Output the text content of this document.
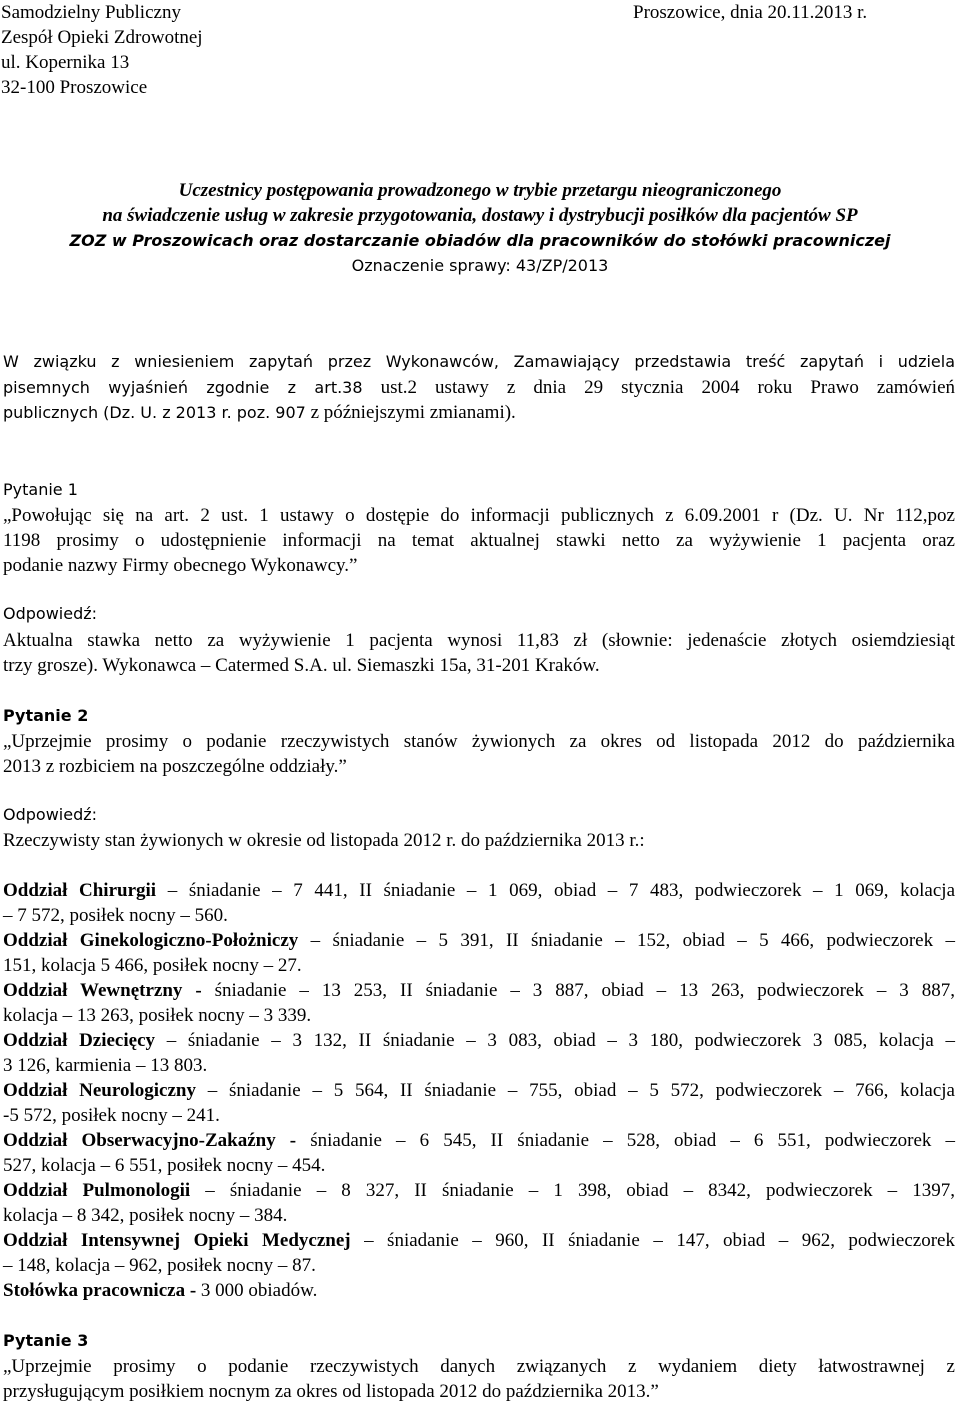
Samodzielny Publiczny
Zespół Opieki Zdrowotnej
ul. Kopernika 13
32-100 Proszowice
Proszowice, dnia 20.11.2013 r.
Uczestnicy postępowania prowadzonego w trybie przetargu nieograniczonego
na świadczenie usług w zakresie przygotowania, dostawy i dystrybucji posiłków dla pacjentów SP
ZOZ w Proszowicach oraz dostarczanie obiadów dla pracowników do stołówki pracowniczej
Oznaczenie sprawy: 43/ZP/2013
W związku z wniesieniem zapytań przez Wykonawców, Zamawiający przedstawia treść zapytań i udziela
pisemnych wyjaśnień zgodnie z art.38 ust.2 ustawy z dnia 29 stycznia 2004 roku Prawo zamówień
publicznych (Dz. U. z 2013 r. poz. 907 z późniejszymi zmianami).
Pytanie 1
„Powołując się na art. 2 ust. 1 ustawy o dostępie do informacji publicznych z 6.09.2001 r (Dz. U. Nr 112,poz
1198 prosimy o udostępnienie informacji na temat aktualnej stawki netto za wyżywienie 1 pacjenta oraz
podanie nazwy Firmy obecnego Wykonawcy.”
Odpowiedź:
Aktualna stawka netto za wyżywienie 1 pacjenta wynosi 11,83 zł (słownie: jedenaście złotych osiemdziesiąt
trzy grosze). Wykonawca – Catermed S.A. ul. Siemaszki 15a, 31-201 Kraków.
Pytanie 2
„Uprzejmie prosimy o podanie rzeczywistych stanów żywionych za okres od listopada 2012 do października
2013 z rozbiciem na poszczególne oddziały.”
Odpowiedź:
Rzeczywisty stan żywionych w okresie od listopada 2012 r. do października 2013 r.:
Oddział Chirurgii – śniadanie – 7 441, II śniadanie – 1 069, obiad – 7 483, podwieczorek – 1 069, kolacja
– 7 572, posiłek nocny – 560.
Oddział Ginekologiczno-Położniczy – śniadanie – 5 391, II śniadanie – 152, obiad – 5 466, podwieczorek –
151, kolacja 5 466, posiłek nocny – 27.
Oddział Wewnętrzny - śniadanie – 13 253, II śniadanie – 3 887, obiad – 13 263, podwieczorek – 3 887,
kolacja – 13 263, posiłek nocny – 3 339.
Oddział Dziecięcy – śniadanie – 3 132, II śniadanie – 3 083, obiad – 3 180, podwieczorek 3 085, kolacja –
3 126, karmienia – 13 803.
Oddział Neurologiczny – śniadanie – 5 564, II śniadanie – 755, obiad – 5 572, podwieczorek – 766, kolacja
-5 572, posiłek nocny – 241.
Oddział Obserwacyjno-Zakaźny - śniadanie – 6 545, II śniadanie – 528, obiad – 6 551, podwieczorek –
527, kolacja – 6 551, posiłek nocny – 454.
Oddział Pulmonologii – śniadanie – 8 327, II śniadanie – 1 398, obiad – 8342, podwieczorek – 1397,
kolacja – 8 342, posiłek nocny – 384.
Oddział Intensywnej Opieki Medycznej – śniadanie – 960, II śniadanie – 147, obiad – 962, podwieczorek
– 148, kolacja – 962, posiłek nocny – 87.
Stołówka pracownicza - 3 000 obiadów.
Pytanie 3
„Uprzejmie prosimy o podanie rzeczywistych danych związanych z wydaniem diety łatwostrawnej z
przysługującym posiłkiem nocnym za okres od listopada 2012 do października 2013.”
